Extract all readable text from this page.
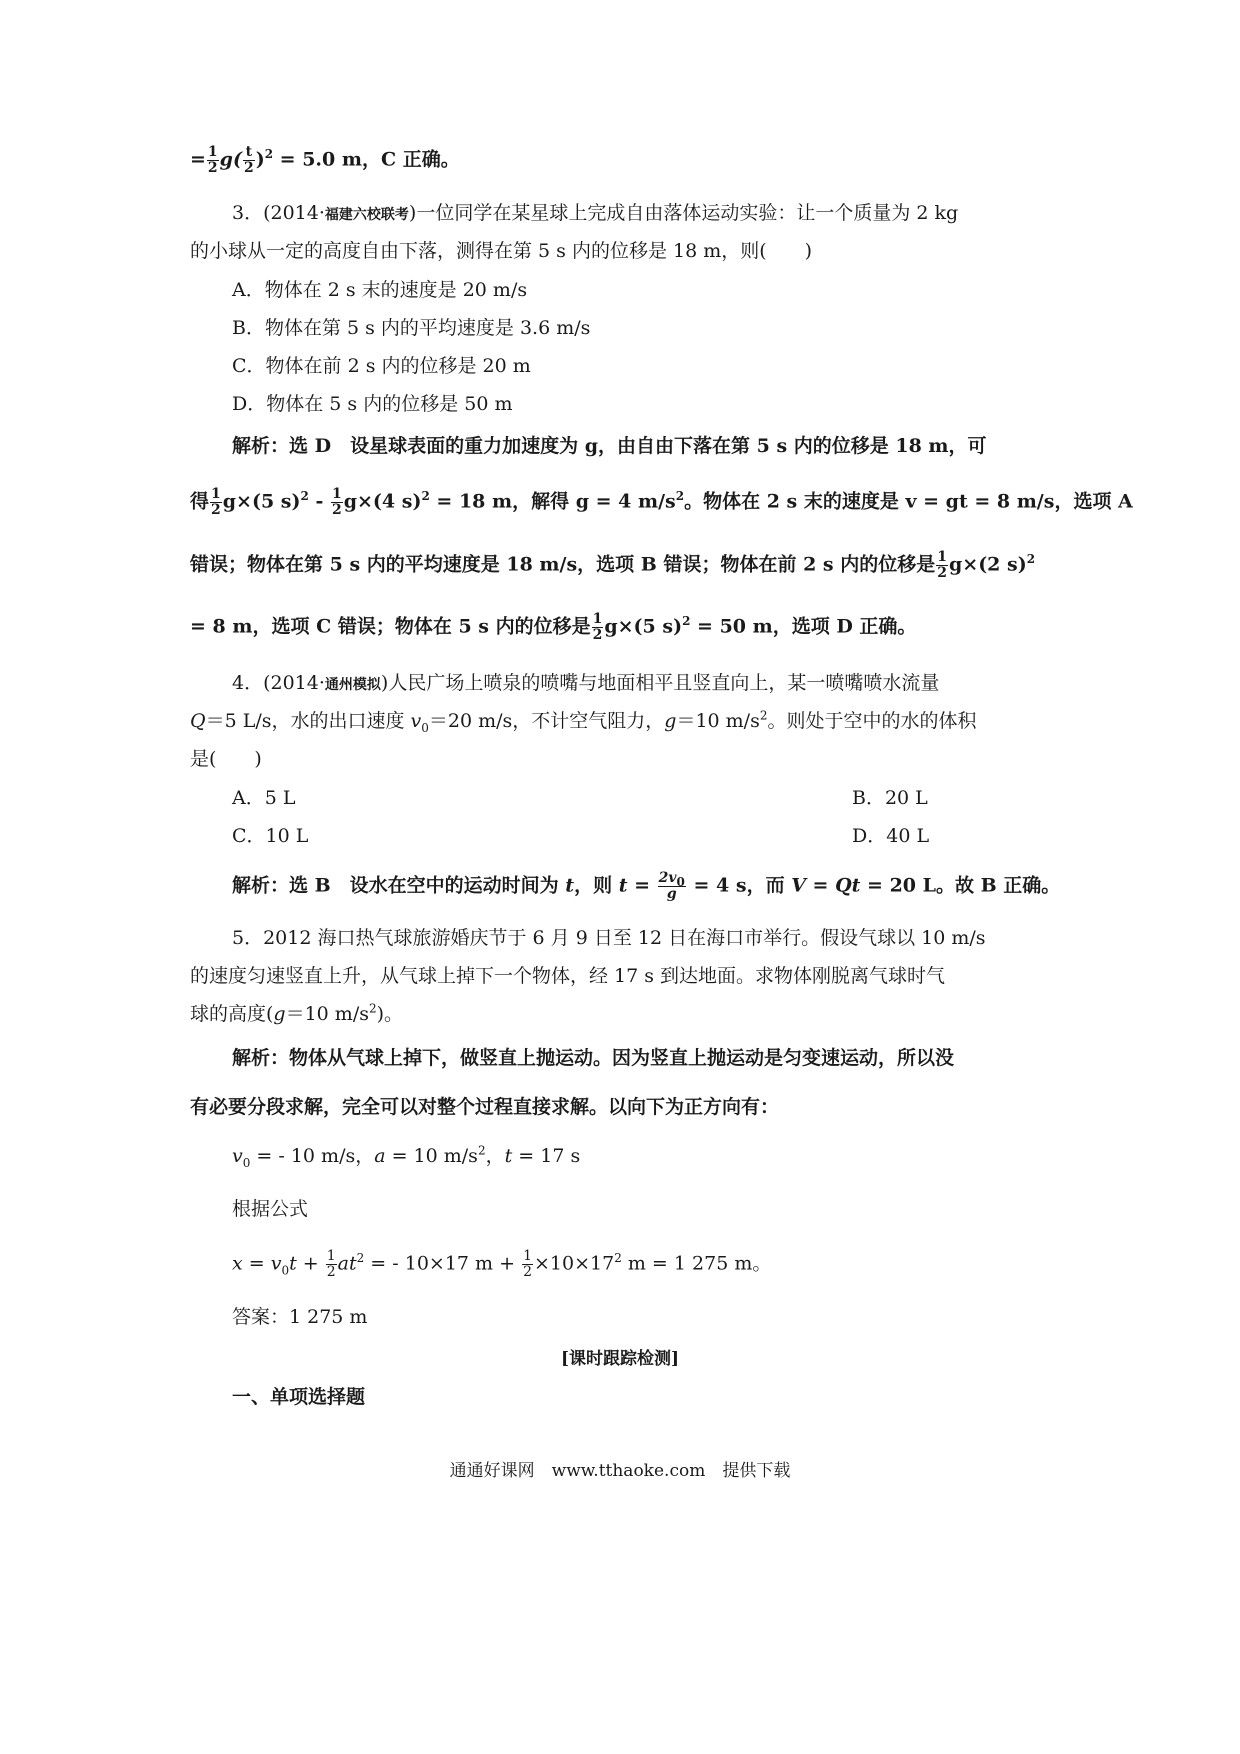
= $\frac{1}{2} g( \frac{t}{2} )^2 = 5.0$ m，C 正确。
3．(2014·福建六校联考)一位同学在某星球上完成自由落体运动实验：让一个质量为 2 kg
的小球从一定的高度自由下落，测得在第 5 s 内的位移是 18 m，则(　　)
A．物体在 2 s 末的速度是 20 m/s
B．物体在第 5 s 内的平均速度是 3.6 m/s
C．物体在前 2 s 内的位移是 20 m
D．物体在 5 s 内的位移是 50 m
解析：选 D　设星球表面的重力加速度为 g，由自由下落在第 5 s 内的位移是 18 m，可
得 $\frac{1}{2} g\times(5$ $s)^2 - \frac{1}{2} g\times(4$ s)$^2$ = 18 m，解得 g = 4 $m/s^2$。物体在 2 s 末的速度是 v = gt = 8 m/s，选项 A
错误；物体在第 5 s 内的平均速度是 18 m/s，选项 B 错误；物体在前 2 s 内的位移是 $\frac{1}{2} g\times(2$ s)$^2$
= 8 m，选项 C 错误；物体在 5 s 内的位移是 $\frac{1}{2} g\times(5$ s)$^2$ = 50 m，选项 D 正确。
4．(2014·通州模拟)人民广场上喷泉的喷嘴与地面相平且竖直向上，某一喷嘴喷水流量
Q＝5 L/s，水的出口速度 $v_0=20$ m/s，不计空气阻力，g＝10 $m/s^2$。则处于空中的水的体积
是(　　)
A．5 L	B．20 L
C．10 L	D．40 L
解析：选 B　设水在空中的运动时间为 t，则 $t = \frac{2v_0}{g} = 4$ s，而 V = Qt = 20 L。故 B 正确。
5．2012 海口热气球旅游婚庆节于 6 月 9 日至 12 日在海口市举行。假设气球以 10 m/s
的速度匀速竖直上升，从气球上掉下一个物体，经 17 s 到达地面。求物体刚脱离气球时气
球的高度(g＝10 $m/s^2$)。
解析：物体从气球上掉下，做竖直上抛运动。因为竖直上抛运动是匀变速运动，所以没
有必要分段求解，完全可以对整个过程直接求解。以向下为正方向有：
$v_0$ = - 10 m/s，a = 10 $m/s^2$，t = 17 s
根据公式
$x = v_0t + \frac{1}{2} at^2$ = - 10×17 $m + \frac{1}{2} \times 10\times 17^2$ m = 1 275 m。
答案：1 275 m
[课时跟踪检测]
一、单项选择题
通通好课网　www.tthaoke.com　提供下载
